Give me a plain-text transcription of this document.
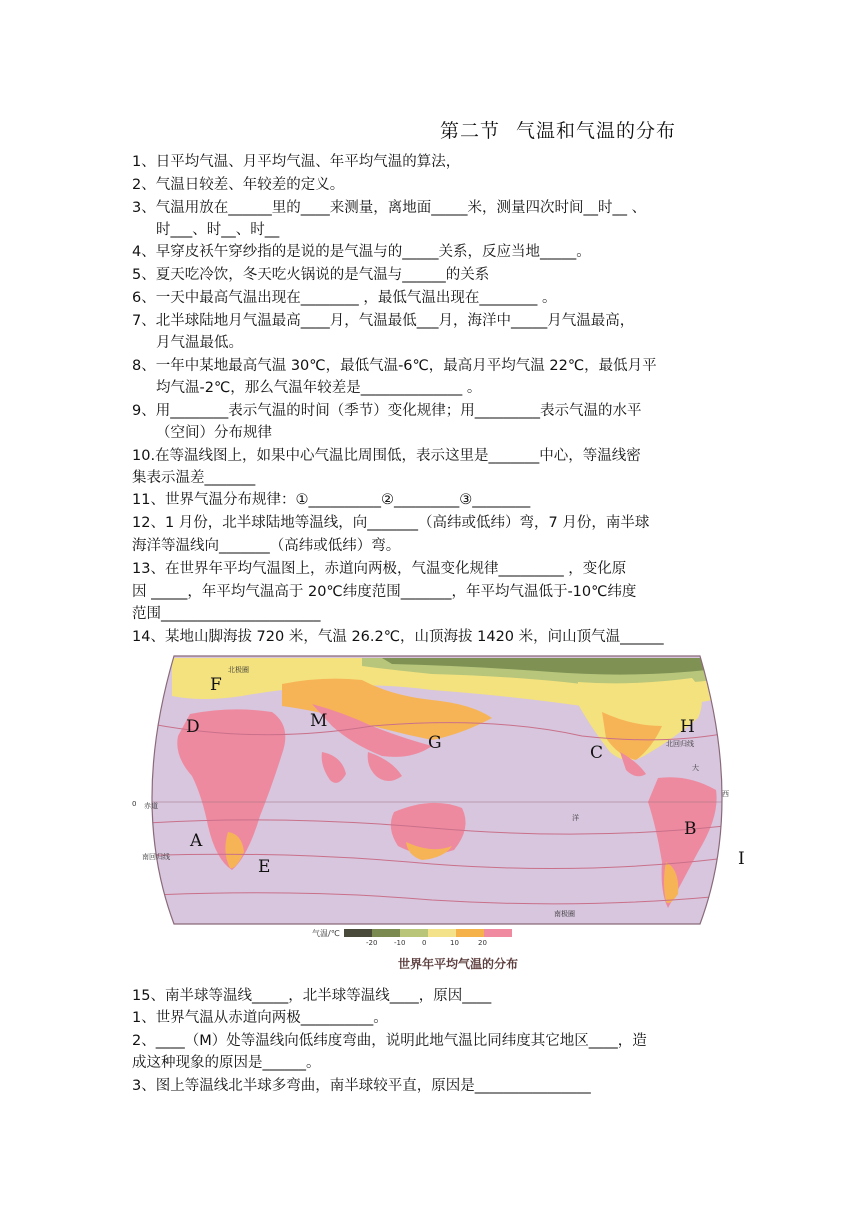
第二节 气温和气温的分布
1、日平均气温、月平均气温、年平均气温的算法，
2、气温日较差、年较差的定义。
3、气温用放在______里的____来测量，离地面_____米，测量四次时间__时__ 、
时___、时__、时__
4、早穿皮袄午穿纱指的是说的是气温与的_____关系，反应当地_____。
5、夏天吃冷饮，冬天吃火锅说的是气温与______的关系
6、一天中最高气温出现在________ ，最低气温出现在________ 。
7、北半球陆地月气温最高____月，气温最低___月，海洋中_____月气温最高，
月气温最低。
8、一年中某地最高气温 30℃，最低气温-6℃，最高月平均气温 22℃，最低月平
均气温-2℃，那么气温年较差是______________ 。
9、用________表示气温的时间（季节）变化规律；用_________表示气温的水平
（空间）分布规律
10.在等温线图上，如果中心气温比周围低，表示这里是_______中心，等温线密
集表示温差_______
11、世界气温分布规律：①__________②_________③________
12、1 月份，北半球陆地等温线，向_______（高纬或低纬）弯，7 月份，南半球
海洋等温线向_______（高纬或低纬）弯。
13、在世界年平均气温图上，赤道向两极，气温变化规律_________ ，变化原
因 _____，年平均气温高于 20℃纬度范围_______，年平均气温低于-10℃纬度
范围______________________
14、某地山脚海拔 720 米，气温 26.2℃，山顶海拔 1420 米，问山顶气温______
北极圈
北回归线
赤道
0
南回归线
南极圈
大
洋
西
F
D	M
G	C
H
A
E
B
I
气温/℃
-20 -10 0	10	20
世界年平均气温的分布
15、南半球等温线_____，北半球等温线____，原因____
1、世界气温从赤道向两极__________。
2、____（M）处等温线向低纬度弯曲，说明此地气温比同纬度其它地区____，造
成这种现象的原因是______。
3、图上等温线北半球多弯曲，南半球较平直，原因是________________
